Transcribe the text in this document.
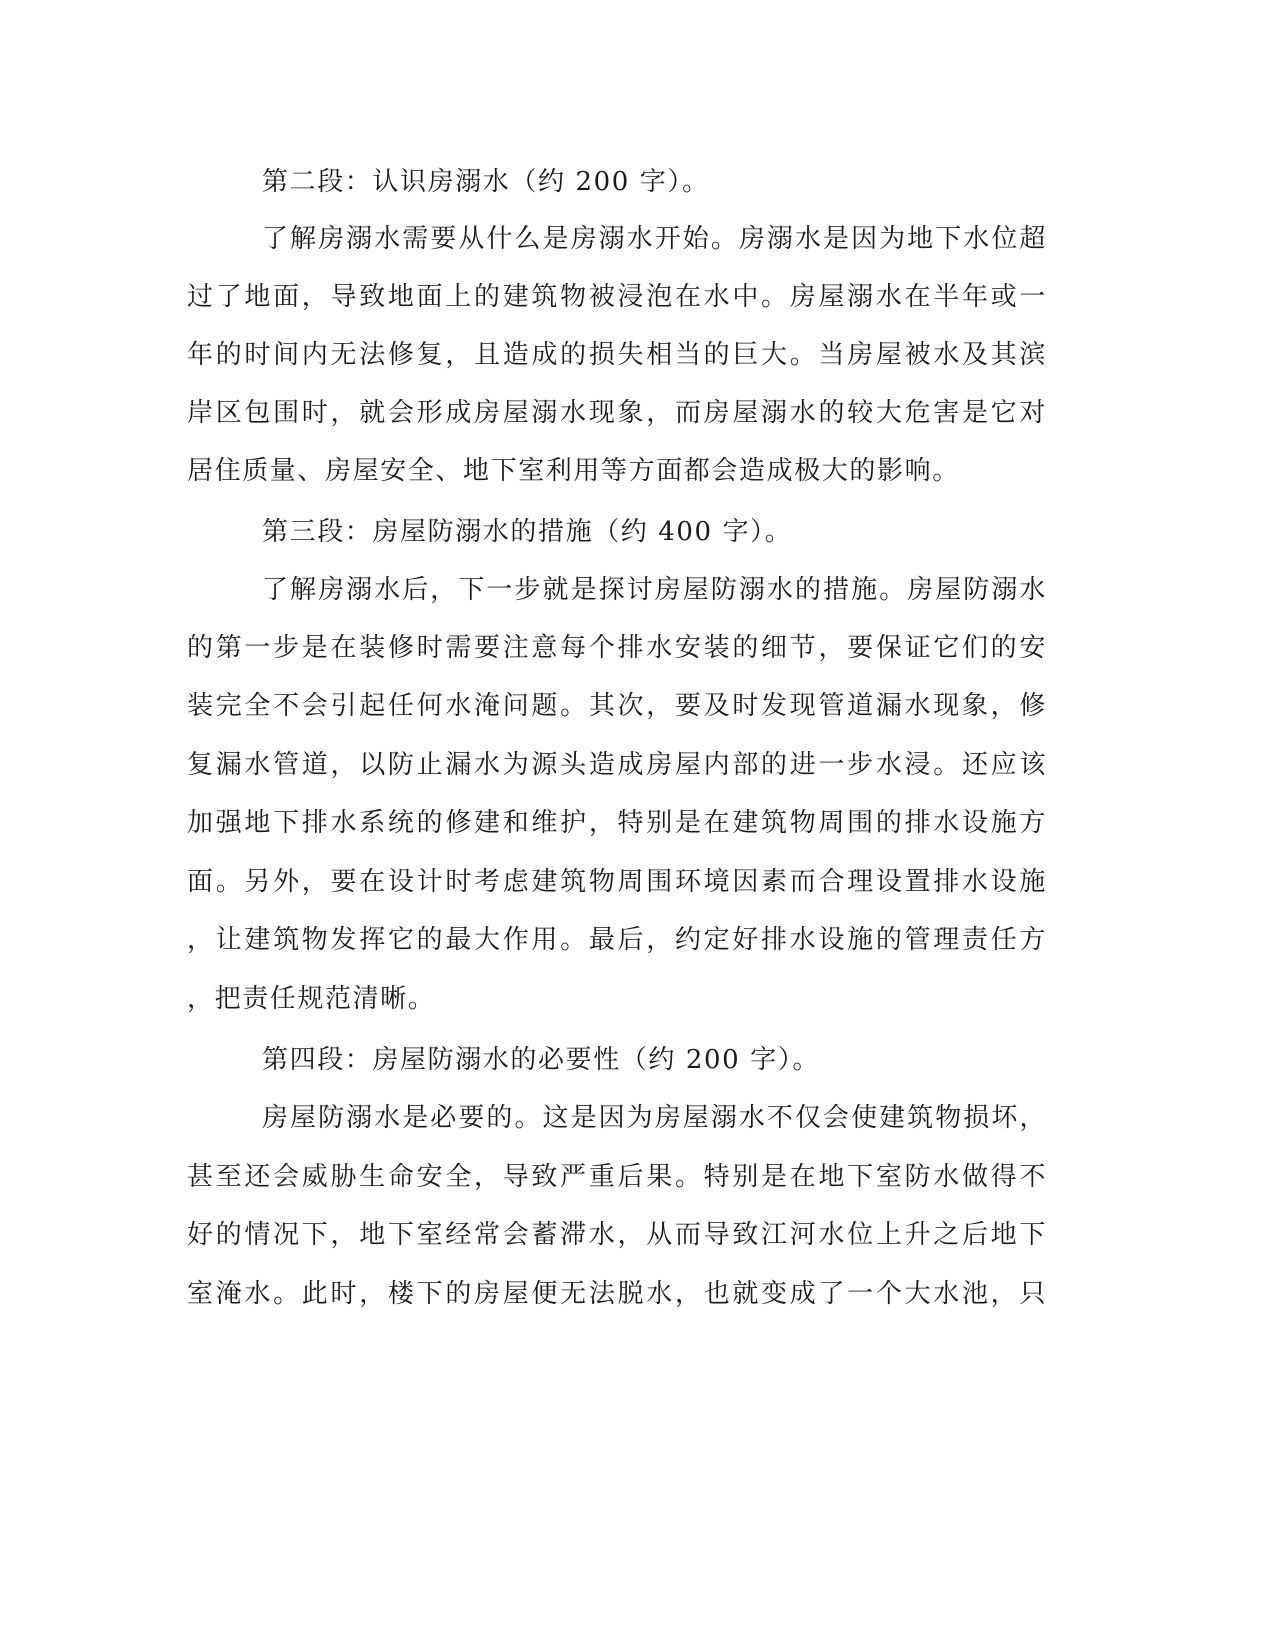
第二段：认识房溺水（约 200 字）。
了解房溺水需要从什么是房溺水开始。房溺水是因为地下水位超
过了地面，导致地面上的建筑物被浸泡在水中。房屋溺水在半年或一
年的时间内无法修复，且造成的损失相当的巨大。当房屋被水及其滨
岸区包围时，就会形成房屋溺水现象，而房屋溺水的较大危害是它对
居住质量、房屋安全、地下室利用等方面都会造成极大的影响。
第三段：房屋防溺水的措施（约 400 字）。
了解房溺水后，下一步就是探讨房屋防溺水的措施。房屋防溺水
的第一步是在装修时需要注意每个排水安装的细节，要保证它们的安
装完全不会引起任何水淹问题。其次，要及时发现管道漏水现象，修
复漏水管道，以防止漏水为源头造成房屋内部的进一步水浸。还应该
加强地下排水系统的修建和维护，特别是在建筑物周围的排水设施方
面。另外，要在设计时考虑建筑物周围环境因素而合理设置排水设施
，让建筑物发挥它的最大作用。最后，约定好排水设施的管理责任方
，把责任规范清晰。
第四段：房屋防溺水的必要性（约 200 字）。
房屋防溺水是必要的。这是因为房屋溺水不仅会使建筑物损坏，
甚至还会威胁生命安全，导致严重后果。特别是在地下室防水做得不
好的情况下，地下室经常会蓄滞水，从而导致江河水位上升之后地下
室淹水。此时，楼下的房屋便无法脱水，也就变成了一个大水池，只
